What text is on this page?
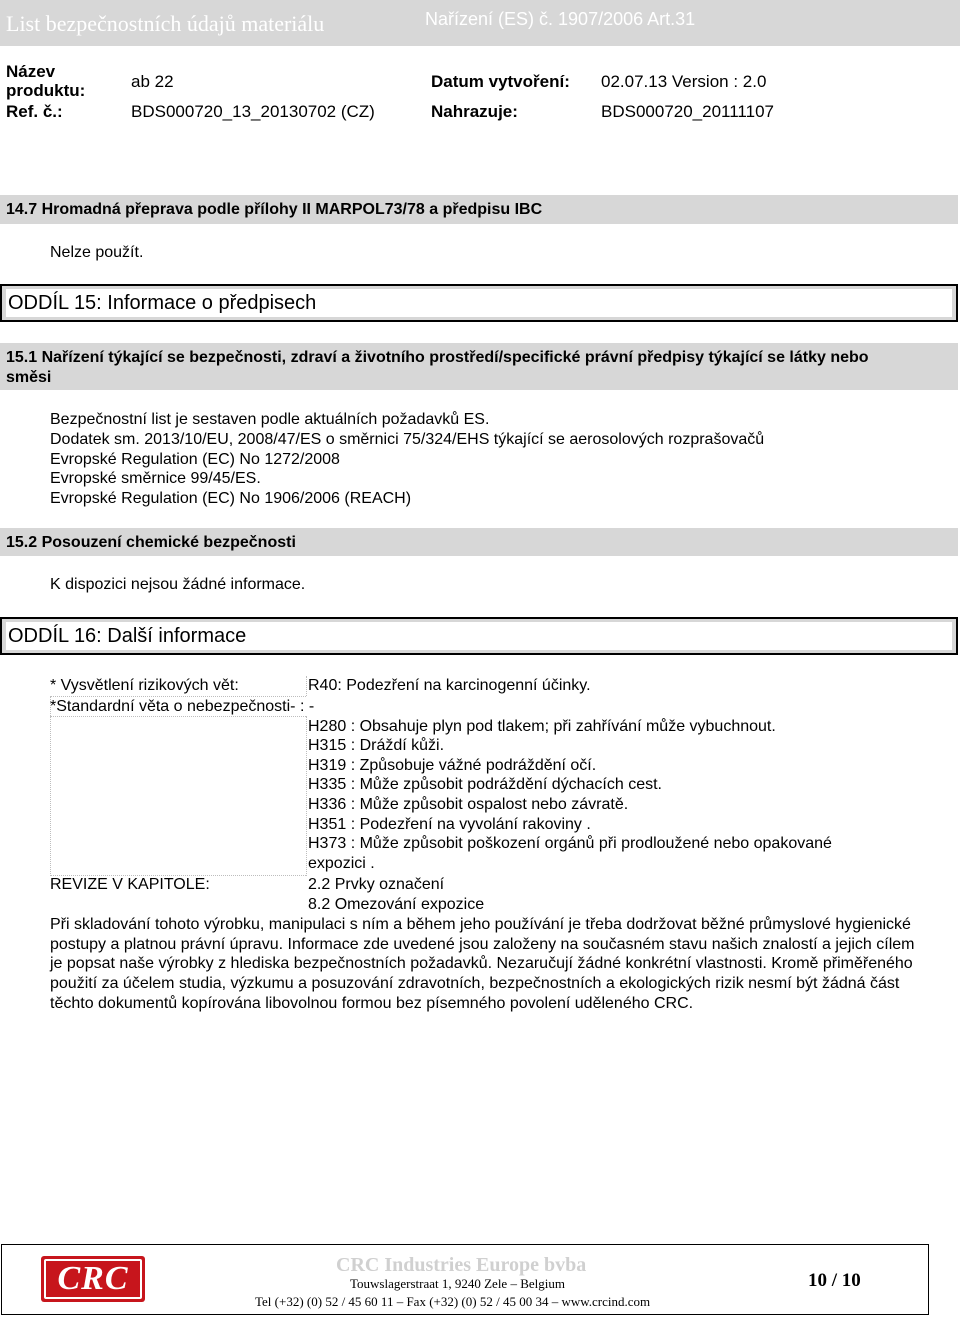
List bezpečnostních údajů materiálu	Nařízení (ES) č. 1907/2006 Art.31
Název
produktu:	ab 22	Datum vytvoření: 02.07.13 Version : 2.0
Ref. č.:	BDS000720_13_20130702 (CZ)	Nahrazuje:	BDS000720_20111107
14.7 Hromadná přeprava podle přílohy II MARPOL73/78 a předpisu IBC
Nelze použít.
ODDÍL 15: Informace o předpisech
15.1 Nařízení týkající se bezpečnosti, zdraví a životního prostředí/specifické právní předpisy týkající se látky nebo
směsi
Bezpečnostní list je sestaven podle aktuálních požadavků ES.
Dodatek sm. 2013/10/EU, 2008/47/ES o směrnici 75/324/EHS týkající se aerosolových rozprašovačů
Evropské Regulation (EC) No 1272/2008
Evropské směrnice 99/45/ES.
Evropské Regulation (EC) No 1906/2006 (REACH)
15.2 Posouzení chemické bezpečnosti
K dispozici nejsou žádné informace.
ODDÍL 16: Další informace
* Vysvětlení rizikových vět:	R40: Podezření na karcinogenní účinky.
*Standardní věta o nebezpečnosti- : -
H280 : Obsahuje plyn pod tlakem; při zahřívání může vybuchnout.
H315 : Dráždí kůži.
H319 : Způsobuje vážné podráždění očí.
H335 : Může způsobit podráždění dýchacích cest.
H336 : Může způsobit ospalost nebo závratě.
H351 : Podezření na vyvolání rakoviny .
H373 : Může způsobit poškození orgánů při prodloužené nebo opakované
expozici .
REVIZE V KAPITOLE:	2.2 Prvky označení
8.2 Omezování expozice
Při skladování tohoto výrobku, manipulaci s ním a během jeho používání je třeba dodržovat běžné průmyslové hygienické postupy a platnou právní úpravu. Informace zde uvedené jsou založeny na současném stavu našich znalostí a jejich cílem je popsat naše výrobky z hlediska bezpečnostních požadavků. Nezaručují žádné konkrétní vlastnosti. Kromě přiměřeného použití za účelem studia, výzkumu a posuzování zdravotních, bezpečnostních a ekologických rizik nesmí být žádná část těchto dokumentů kopírována libovolnou formou bez písemného povolení uděleného CRC.
CRC	CRC Industries Europe bvba
Touwslagerstraat 1, 9240 Zele – Belgium
Tel (+32) (0) 52 / 45 60 11 – Fax (+32) (0) 52 / 45 00 34 – www.crcind.com
10 / 10
